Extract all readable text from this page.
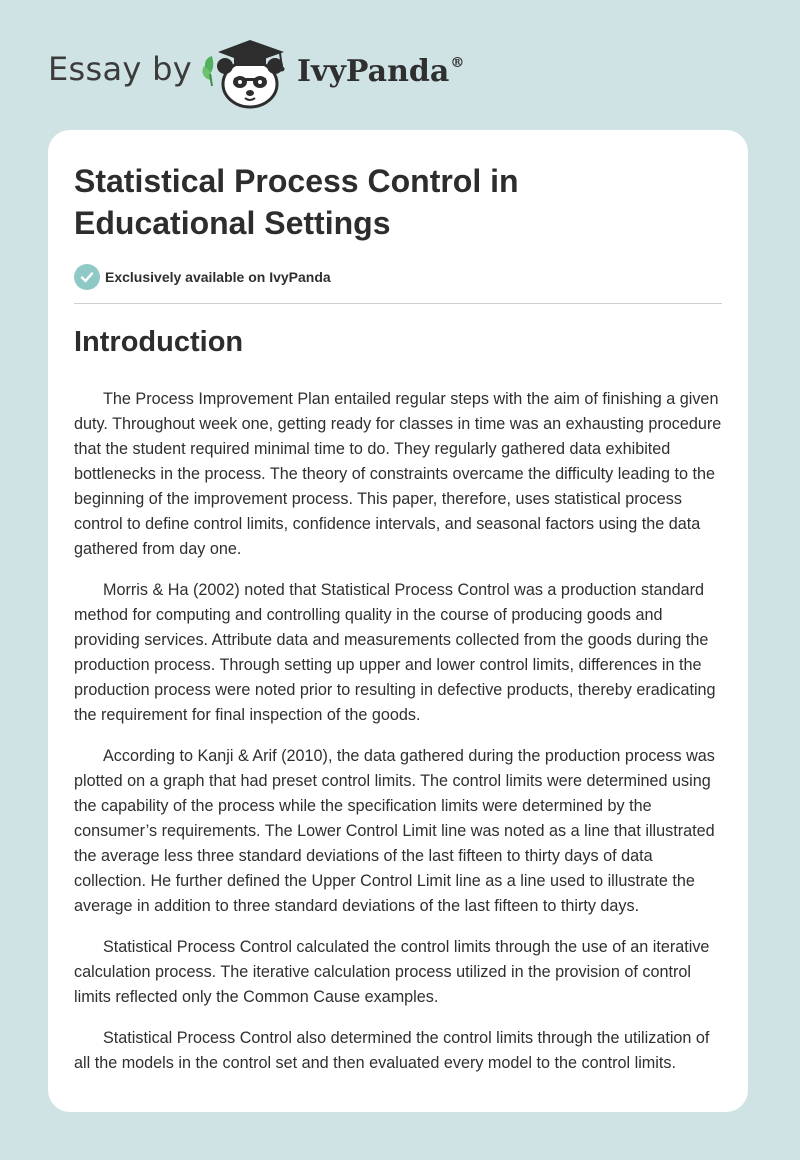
Essay by	IvyPanda®
Statistical Process Control in Educational Settings
Exclusively available on IvyPanda
Introduction

The Process Improvement Plan entailed regular steps with the aim of finishing a given duty. Throughout week one, getting ready for classes in time was an exhausting procedure that the student required minimal time to do. They regularly gathered data exhibited bottlenecks in the process. The theory of constraints overcame the difficulty leading to the beginning of the improvement process. This paper, therefore, uses statistical process control to define control limits, confidence intervals, and seasonal factors using the data gathered from day one.

Morris & Ha (2002) noted that Statistical Process Control was a production standard method for computing and controlling quality in the course of producing goods and providing services. Attribute data and measurements collected from the goods during the production process. Through setting up upper and lower control limits, differences in the production process were noted prior to resulting in defective products, thereby eradicating the requirement for final inspection of the goods.

According to Kanji & Arif (2010), the data gathered during the production process was plotted on a graph that had preset control limits. The control limits were determined using the capability of the process while the specification limits were determined by the consumer’s requirements. The Lower Control Limit line was noted as a line that illustrated the average less three standard deviations of the last fifteen to thirty days of data collection. He further defined the Upper Control Limit line as a line used to illustrate the average in addition to three standard deviations of the last fifteen to thirty days.

Statistical Process Control calculated the control limits through the use of an iterative calculation process. The iterative calculation process utilized in the provision of control limits reflected only the Common Cause examples.

Statistical Process Control also determined the control limits through the utilization of all the models in the control set and then evaluated every model to the control limits.
